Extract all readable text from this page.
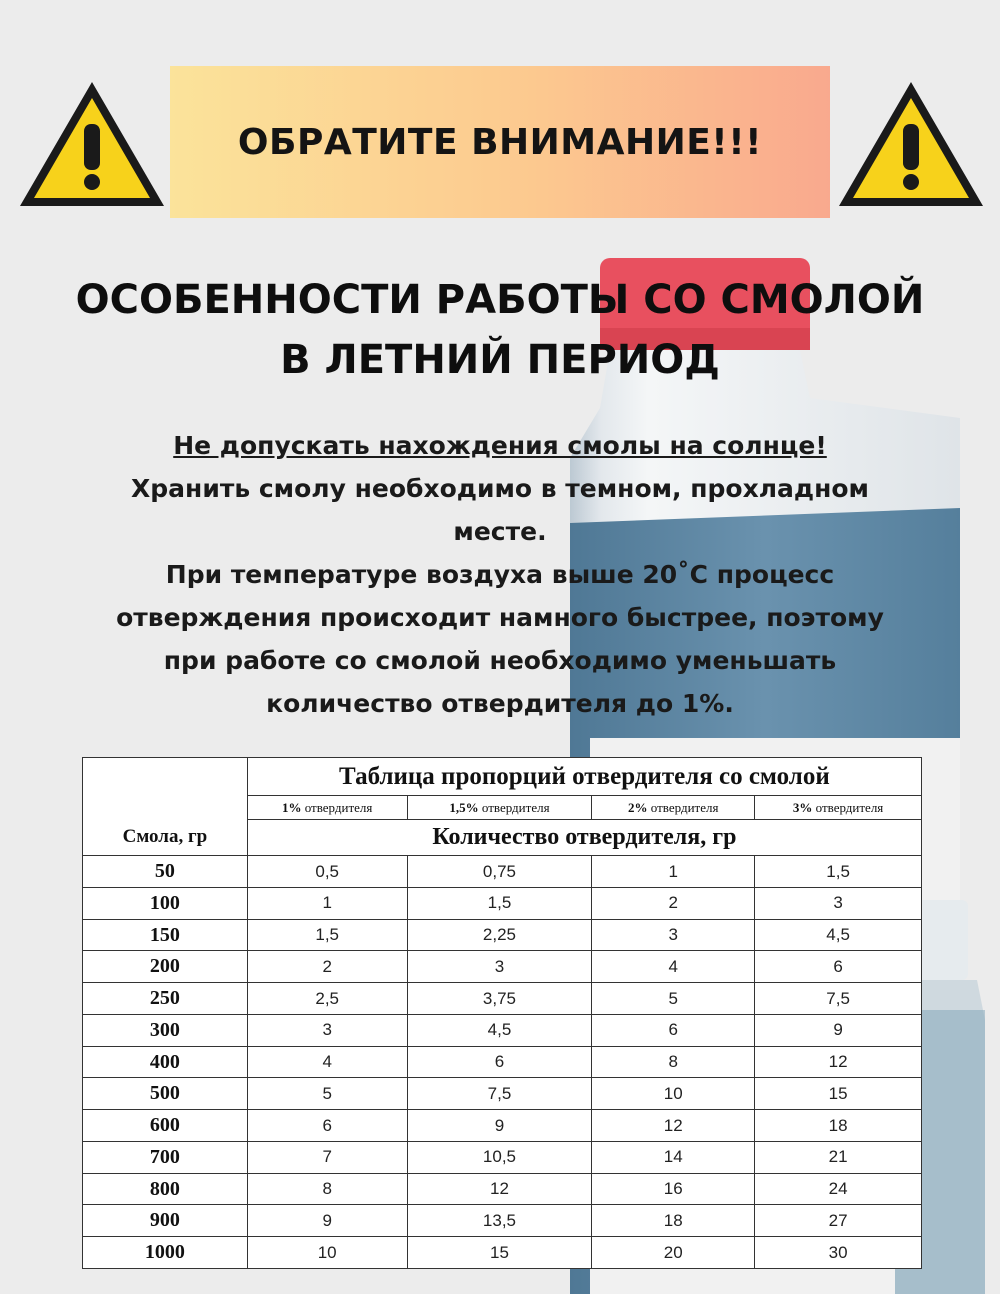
ОБРАТИТЕ ВНИМАНИЕ!!!
ОСОБЕННОСТИ РАБОТЫ СО СМОЛОЙ
В ЛЕТНИЙ ПЕРИОД
Не допускать нахождения смолы на солнце!
Хранить смолу необходимо в темном, прохладном
месте.
При температуре воздуха выше 20˚С процесс
отверждения происходит намного быстрее, поэтому
при работе со смолой необходимо уменьшать
количество отвердителя до 1%.
	Таблица пропорций отвердителя со смолой			
	1% отвердителя	1,5% отвердителя	2% отвердителя	3% отвердителя
Смола, гр	Количество отвердителя, гр			
50	0,5	0,75	1	1,5
100	1	1,5	2	3
150	1,5	2,25	3	4,5
200	2	3	4	6
250	2,5	3,75	5	7,5
300	3	4,5	6	9
400	4	6	8	12
500	5	7,5	10	15
600	6	9	12	18
700	7	10,5	14	21
800	8	12	16	24
900	9	13,5	18	27
1000	10	15	20	30
